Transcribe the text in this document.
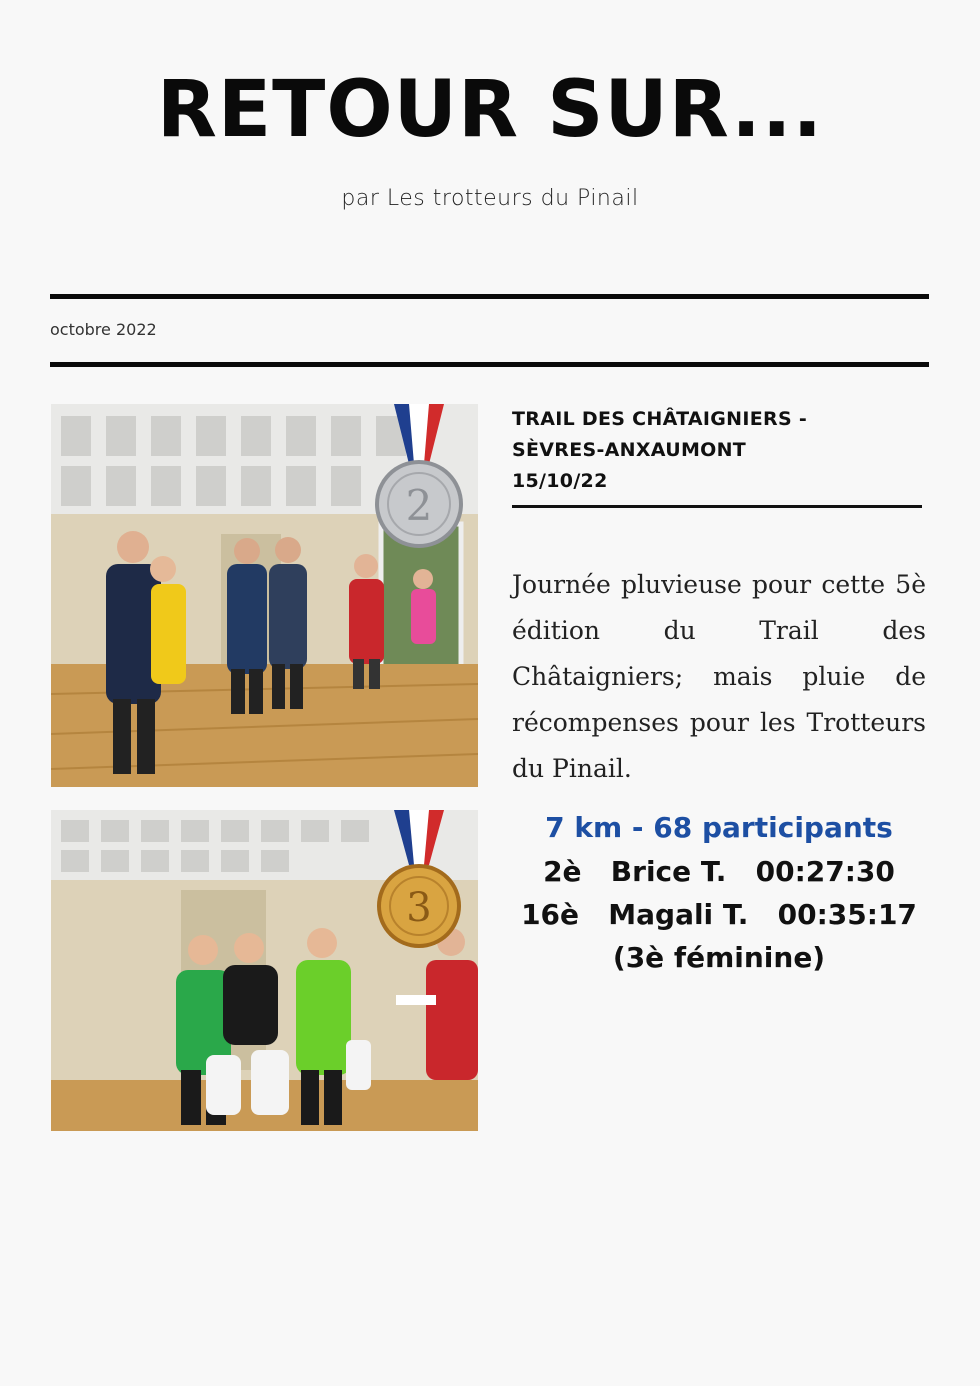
RETOUR SUR...
par Les trotteurs du Pinail
octobre 2022
2
3
TRAIL DES CHÂTAIGNIERS -
SÈVRES-ANXAUMONT
15/10/22
Journée pluvieuse pour cette 5è édition du Trail des Châtaigniers; mais pluie de récompenses pour les Trotteurs du Pinail.
7 km - 68 participants
2è   Brice T.   00:27:30
16è   Magali T.   00:35:17
(3è féminine)
